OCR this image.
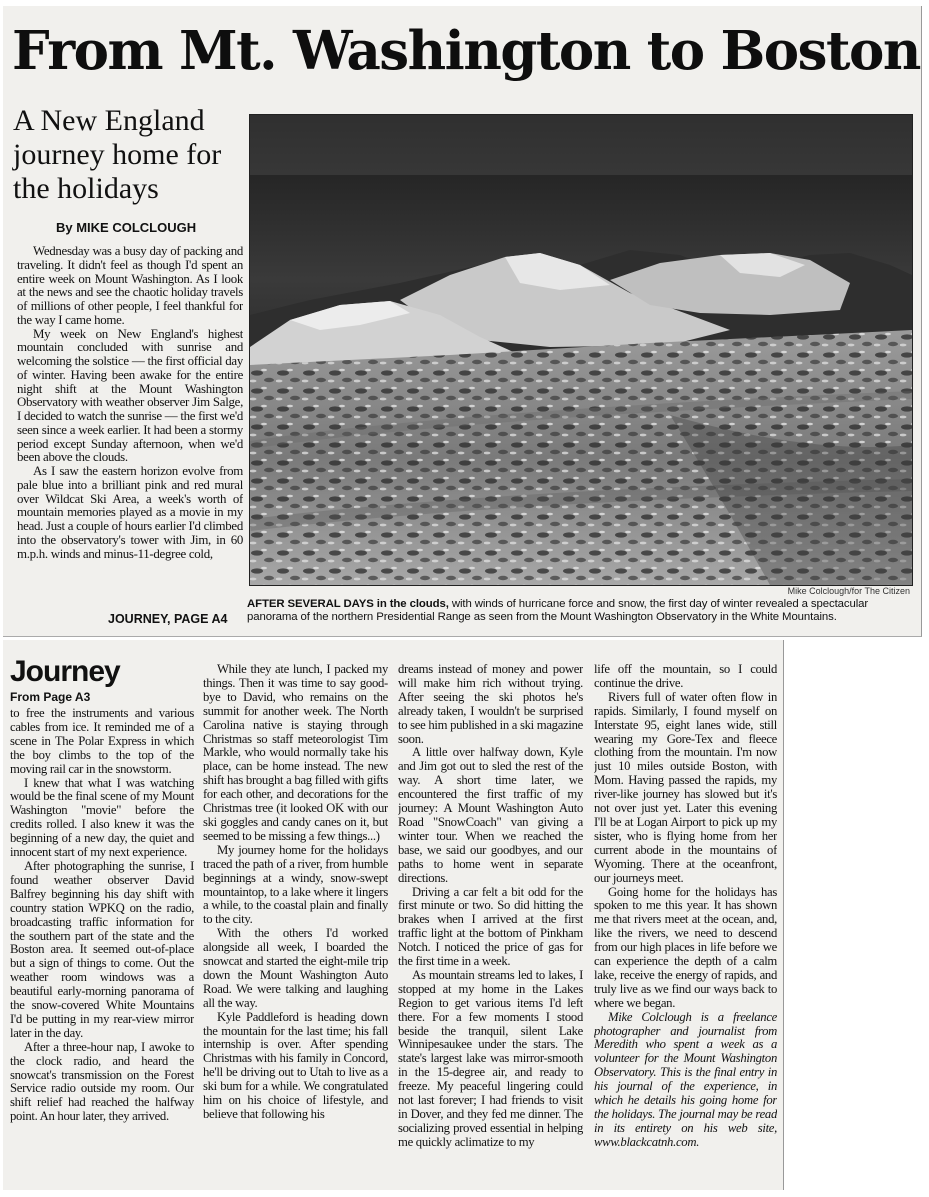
From Mt. Washington to Boston
A New England journey home for the holidays

By MIKE COLCLOUGH

Wednesday was a busy day of packing and traveling. It didn't feel as though I'd spent an entire week on Mount Washington. As I look at the news and see the chaotic holiday travels of millions of other people, I feel thankful for the way I came home.

My week on New England's highest mountain concluded with sunrise and welcoming the solstice — the first official day of winter. Having been awake for the entire night shift at the Mount Washington Observatory with weather observer Jim Salge, I decided to watch the sunrise — the first we'd seen since a week earlier. It had been a stormy period except Sunday afternoon, when we'd been above the clouds.

As I saw the eastern horizon evolve from pale blue into a brilliant pink and red mural over Wildcat Ski Area, a week's worth of mountain memories played as a movie in my head. Just a couple of hours earlier I'd climbed into the observatory's tower with Jim, in 60 m.p.h. winds and minus-11-degree cold,

JOURNEY, PAGE A4

Mike Colclough/for The Citizen

AFTER SEVERAL DAYS in the clouds, with winds of hurricane force and snow, the first day of winter revealed a spectacular panorama of the northern Presidential Range as seen from the Mount Washington Observatory in the White Mountains.

Journey

From Page A3

to free the instruments and various cables from ice. It reminded me of a scene in The Polar Express in which the boy climbs to the top of the moving rail car in the snowstorm.

I knew that what I was watching would be the final scene of my Mount Washington "movie" before the credits rolled. I also knew it was the beginning of a new day, the quiet and innocent start of my next experience.

After photographing the sunrise, I found weather observer David Balfrey beginning his day shift with country station WPKQ on the radio, broadcasting traffic information for the southern part of the state and the Boston area. It seemed out-of-place but a sign of things to come. Out the weather room windows was a beautiful early-morning panorama of the snow-covered White Mountains I'd be putting in my rear-view mirror later in the day.

After a three-hour nap, I awoke to the clock radio, and heard the snowcat's transmission on the Forest Service radio outside my room. Our shift relief had reached the halfway point. An hour later, they arrived.

While they ate lunch, I packed my things. Then it was time to say good-bye to David, who remains on the summit for another week. The North Carolina native is staying through Christmas so staff meteorologist Tim Markle, who would normally take his place, can be home instead. The new shift has brought a bag filled with gifts for each other, and decorations for the Christmas tree (it looked OK with our ski goggles and candy canes on it, but seemed to be missing a few things...)

My journey home for the holidays traced the path of a river, from humble beginnings at a windy, snow-swept mountaintop, to a lake where it lingers a while, to the coastal plain and finally to the city.

With the others I'd worked alongside all week, I boarded the snowcat and started the eight-mile trip down the Mount Washington Auto Road. We were talking and laughing all the way.

Kyle Paddleford is heading down the mountain for the last time; his fall internship is over. After spending Christmas with his family in Concord, he'll be driving out to Utah to live as a ski bum for a while. We congratulated him on his choice of lifestyle, and believe that following his

dreams instead of money and power will make him rich without trying. After seeing the ski photos he's already taken, I wouldn't be surprised to see him published in a ski magazine soon.

A little over halfway down, Kyle and Jim got out to sled the rest of the way. A short time later, we encountered the first traffic of my journey: A Mount Washington Auto Road "SnowCoach" van giving a winter tour. When we reached the base, we said our goodbyes, and our paths to home went in separate directions.

Driving a car felt a bit odd for the first minute or two. So did hitting the brakes when I arrived at the first traffic light at the bottom of Pinkham Notch. I noticed the price of gas for the first time in a week.

As mountain streams led to lakes, I stopped at my home in the Lakes Region to get various items I'd left there. For a few moments I stood beside the tranquil, silent Lake Winnipesaukee under the stars. The state's largest lake was mirror-smooth in the 15-degree air, and ready to freeze. My peaceful lingering could not last forever; I had friends to visit in Dover, and they fed me dinner. The socializing proved essential in helping me quickly aclimatize to my

life off the mountain, so I could continue the drive.

Rivers full of water often flow in rapids. Similarly, I found myself on Interstate 95, eight lanes wide, still wearing my Gore-Tex and fleece clothing from the mountain. I'm now just 10 miles outside Boston, with Mom. Having passed the rapids, my river-like journey has slowed but it's not over just yet. Later this evening I'll be at Logan Airport to pick up my sister, who is flying home from her current abode in the mountains of Wyoming. There at the oceanfront, our journeys meet.

Going home for the holidays has spoken to me this year. It has shown me that rivers meet at the ocean, and, like the rivers, we need to descend from our high places in life before we can experience the depth of a calm lake, receive the energy of rapids, and truly live as we find our ways back to where we began.

Mike Colclough is a freelance photographer and journalist from Meredith who spent a week as a volunteer for the Mount Washington Observatory. This is the final entry in his journal of the experience, in which he details his going home for the holidays. The journal may be read in its entirety on his web site, www.blackcatnh.com.
